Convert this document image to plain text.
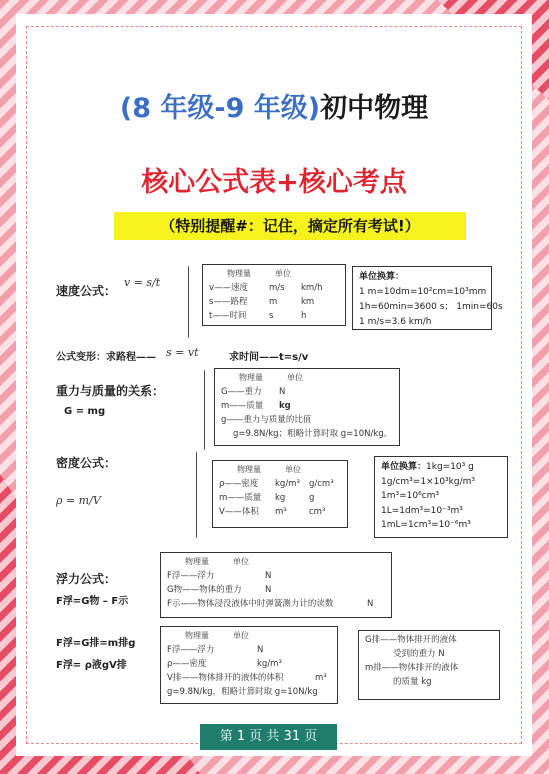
(8 年级-9 年级)初中物理
核心公式表+核心考点
（特别提醒#：记住，摘定所有考试!）
速度公式：
v = s/t
物理量	单位
v——速度	m/s	km/h
s——路程	m	km
t——时间	s	h
单位换算：
1 m=10dm=10²cm=10³mm
1h=60min=3600 s； 1min=60s
1 m/s=3.6 km/h
公式变形：求路程—— s = vt	求时间——t=s/v
重力与质量的关系：
G = mg
物理量	单位
G——重力	N
m——质量	kg
g——重力与质量的比值
g=9.8N/kg；粗略计算时取 g=10N/kg。
密度公式：
ρ = m/V
物理量	单位
ρ——密度	kg/m³	g/cm³
m——质量	kg	g
V——体积	m³	cm³
单位换算：1kg=10³ g
1g/cm³=1×10³kg/m³
1m³=10⁶cm³
1L=1dm³=10⁻³m³
1mL=1cm³=10⁻⁶m³
浮力公式：
F浮=G物 – F示
物理量	单位
F浮——浮力	N
G物——物体的重力	N
F示——物体浸没液体中时弹簧测力计的读数	N
F浮=G排=m排g
F浮= ρ液gV排
物理量	单位
F浮——浮力	N
ρ——密度	kg/m³
V排——物体排开的液体的体积	m³
g=9.8N/kg，粗略计算时取 g=10N/kg
G排——物体排开的液体
受到的重力 N
m排——物体排开的液体
的质量 kg
第 1 页 共 31 页
